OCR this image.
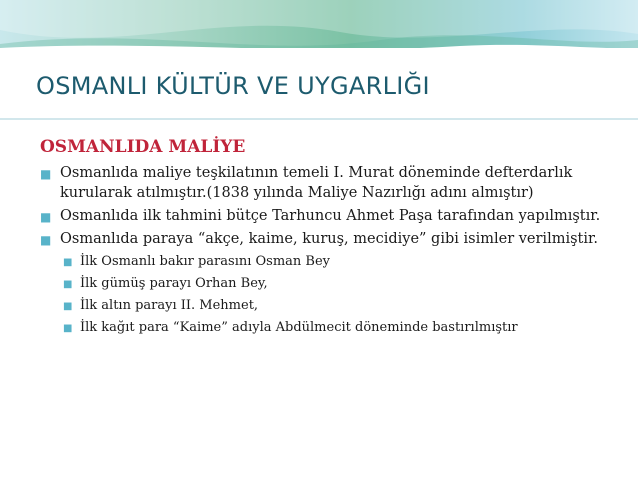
OSMANLI KÜLTÜR VE UYGARLIĞI
OSMANLIDA MALİYE
■ Osmanlıda maliye teşkilatının temeli I. Murat döneminde defterdarlık kurularak atılmıştır.(1838 yılında Maliye Nazırlığı adını almıştır)
■ Osmanlıda ilk tahmini bütçe Tarhuncu Ahmet Paşa tarafından yapılmıştır.
■ Osmanlıda paraya “akçe, kaime, kuruş, mecidiye” gibi isimler verilmiştir.
■ İlk Osmanlı bakır parasını Osman Bey
■ İlk gümüş parayı Orhan Bey,
■ İlk altın parayı II. Mehmet,
■ İlk kağıt para “Kaime” adıyla Abdülmecit döneminde bastırılmıştır
